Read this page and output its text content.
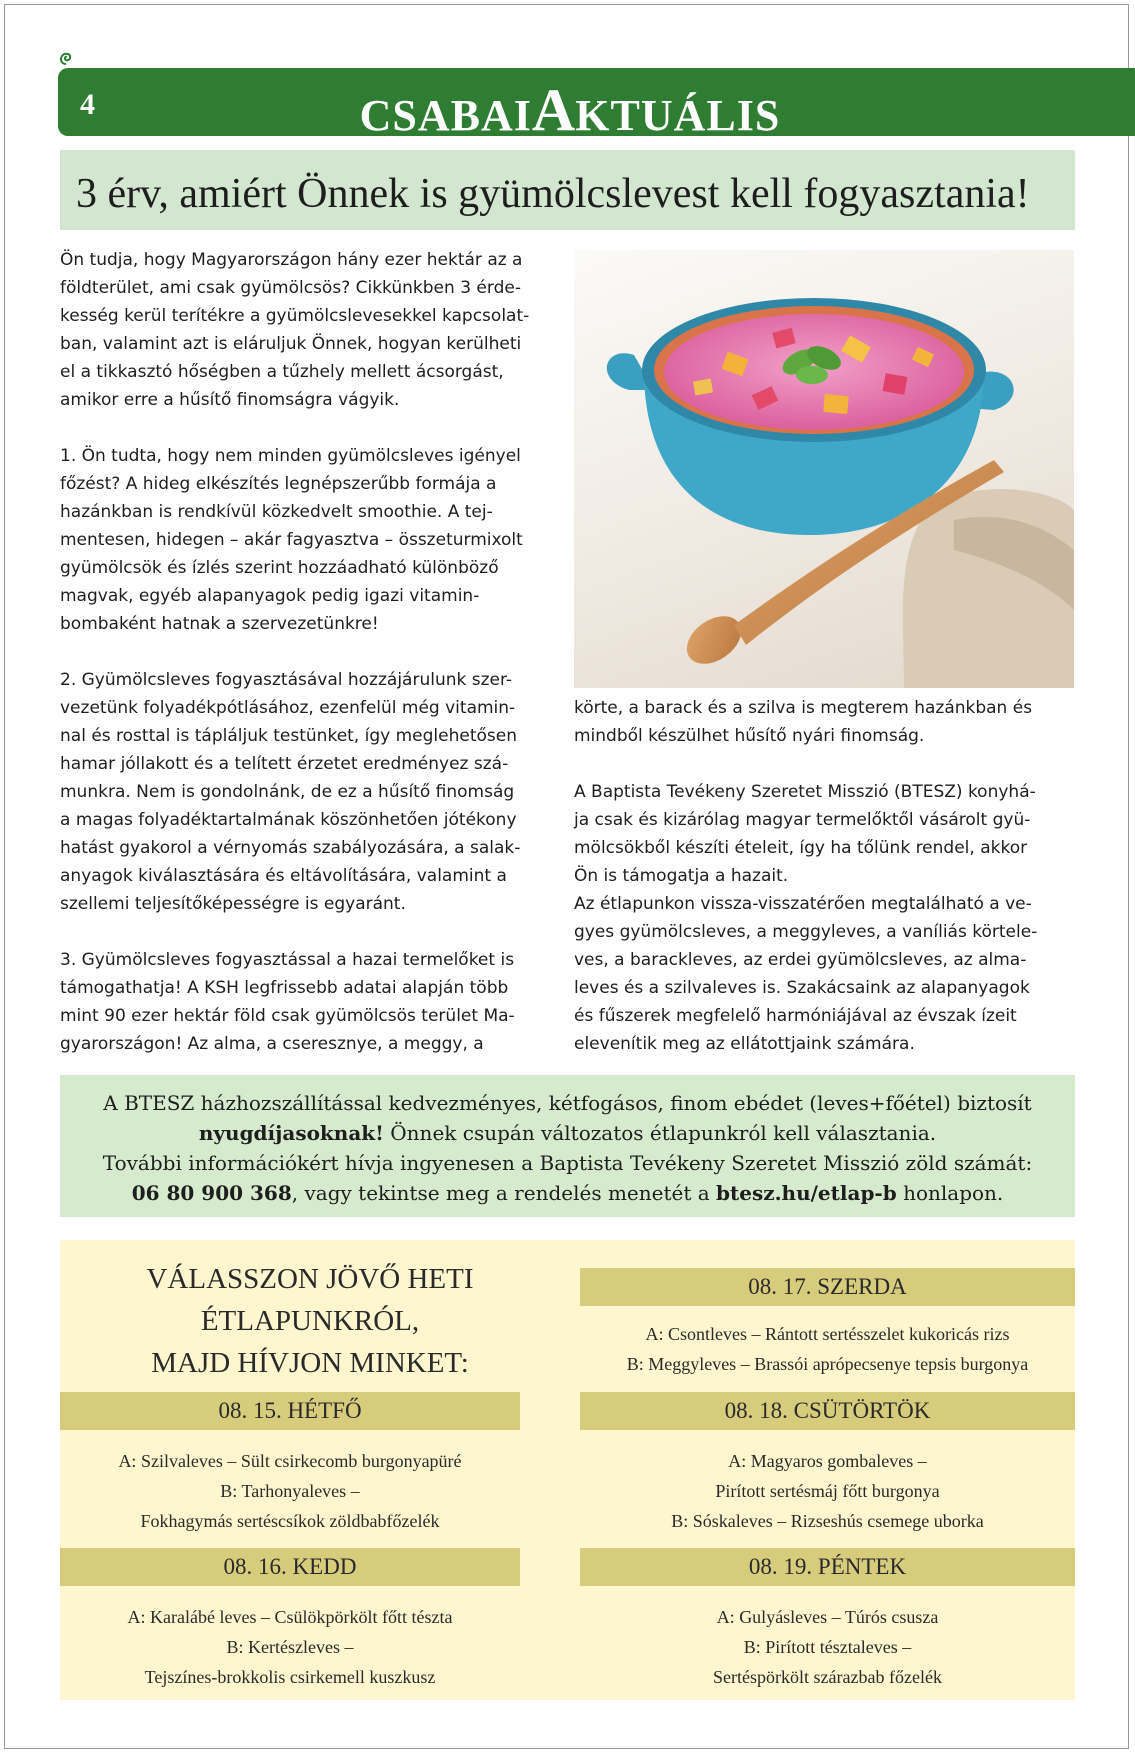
4	CSABAIAKTUÁLIS
3 érv, amiért Önnek is gyümölcslevest kell fogyasztania!

Ön tudja, hogy Magyarországon hány ezer hektár az a

földterület, ami csak gyümölcsös? Cikkünkben 3 érde-

kesség kerül terítékre a gyümölcslevesekkel kapcsolat-

ban, valamint azt is eláruljuk Önnek, hogyan kerülheti

el a tikkasztó hőségben a tűzhely mellett ácsorgást,

amikor erre a hűsítő finomságra vágyik.

1. Ön tudta, hogy nem minden gyümölcsleves igényel

főzést? A hideg elkészítés legnépszerűbb formája a

hazánkban is rendkívül közkedvelt smoothie. A tej-

mentesen, hidegen – akár fagyasztva – összeturmixolt

gyümölcsök és ízlés szerint hozzáadható különböző

magvak, egyéb alapanyagok pedig igazi vitamin-

bombaként hatnak a szervezetünkre!

2. Gyümölcsleves fogyasztásával hozzájárulunk szer-

vezetünk folyadékpótlásához, ezenfelül még vitamin-

nal és rosttal is tápláljuk testünket, így meglehetősen

hamar jóllakott és a telített érzetet eredményez szá-

munkra. Nem is gondolnánk, de ez a hűsítő finomság

a magas folyadéktartalmának köszönhetően jótékony

hatást gyakorol a vérnyomás szabályozására, a salak-

anyagok kiválasztására és eltávolítására, valamint a

szellemi teljesítőképességre is egyaránt.

3. Gyümölcsleves fogyasztással a hazai termelőket is

támogathatja! A KSH legfrissebb adatai alapján több

mint 90 ezer hektár föld csak gyümölcsös terület Ma-

gyarországon! Az alma, a cseresznye, a meggy, a

körte, a barack és a szilva is megterem hazánkban és

mindből készülhet hűsítő nyári finomság.

A Baptista Tevékeny Szeretet Misszió (BTESZ) konyhá-

ja csak és kizárólag magyar termelőktől vásárolt gyü-

mölcsökből készíti ételeit, így ha tőlünk rendel, akkor

Ön is támogatja a hazait.

Az étlapunkon vissza-visszatérően megtalálható a ve-

gyes gyümölcsleves, a meggyleves, a vaníliás körtele-

ves, a barackleves, az erdei gyümölcsleves, az alma-

leves és a szilvaleves is. Szakácsaink az alapanyagok

és fűszerek megfelelő harmóniájával az évszak ízeit

elevenítik meg az ellátottjaink számára.

A BTESZ házhozszállítással kedvezményes, kétfogásos, finom ebédet (leves+főétel) biztosít
nyugdíjasoknak! Önnek csupán változatos étlapunkról kell választania.
További információkért hívja ingyenesen a Baptista Tevékeny Szeretet Misszió zöld számát:
06 80 900 368, vagy tekintse meg a rendelés menetét a btesz.hu/etlap-b honlapon.
VÁLASSZON JÖVŐ HETI
ÉTLAPUNKRÓL,
MAJD HÍVJON MINKET:
08. 15. HÉTFŐ
A: Szilvaleves – Sült csirkecomb burgonyapüré
B: Tarhonyaleves –
Fokhagymás sertéscsíkok zöldbabfőzelék
08. 16. KEDD
A: Karalábé leves – Csülökpörkölt főtt tészta
B: Kertészleves –
Tejszínes-brokkolis csirkemell kuszkusz
08. 17. SZERDA
A: Csontleves – Rántott sertésszelet kukoricás rizs
B: Meggyleves – Brassói aprópecsenye tepsis burgonya
08. 18. CSÜTÖRTÖK
A: Magyaros gombaleves –
Pirított sertésmáj főtt burgonya
B: Sóskaleves – Rizseshús csemege uborka
08. 19. PÉNTEK
A: Gulyásleves – Túrós csusza
B: Pirított tésztaleves –
Sertéspörkölt szárazbab főzelék
